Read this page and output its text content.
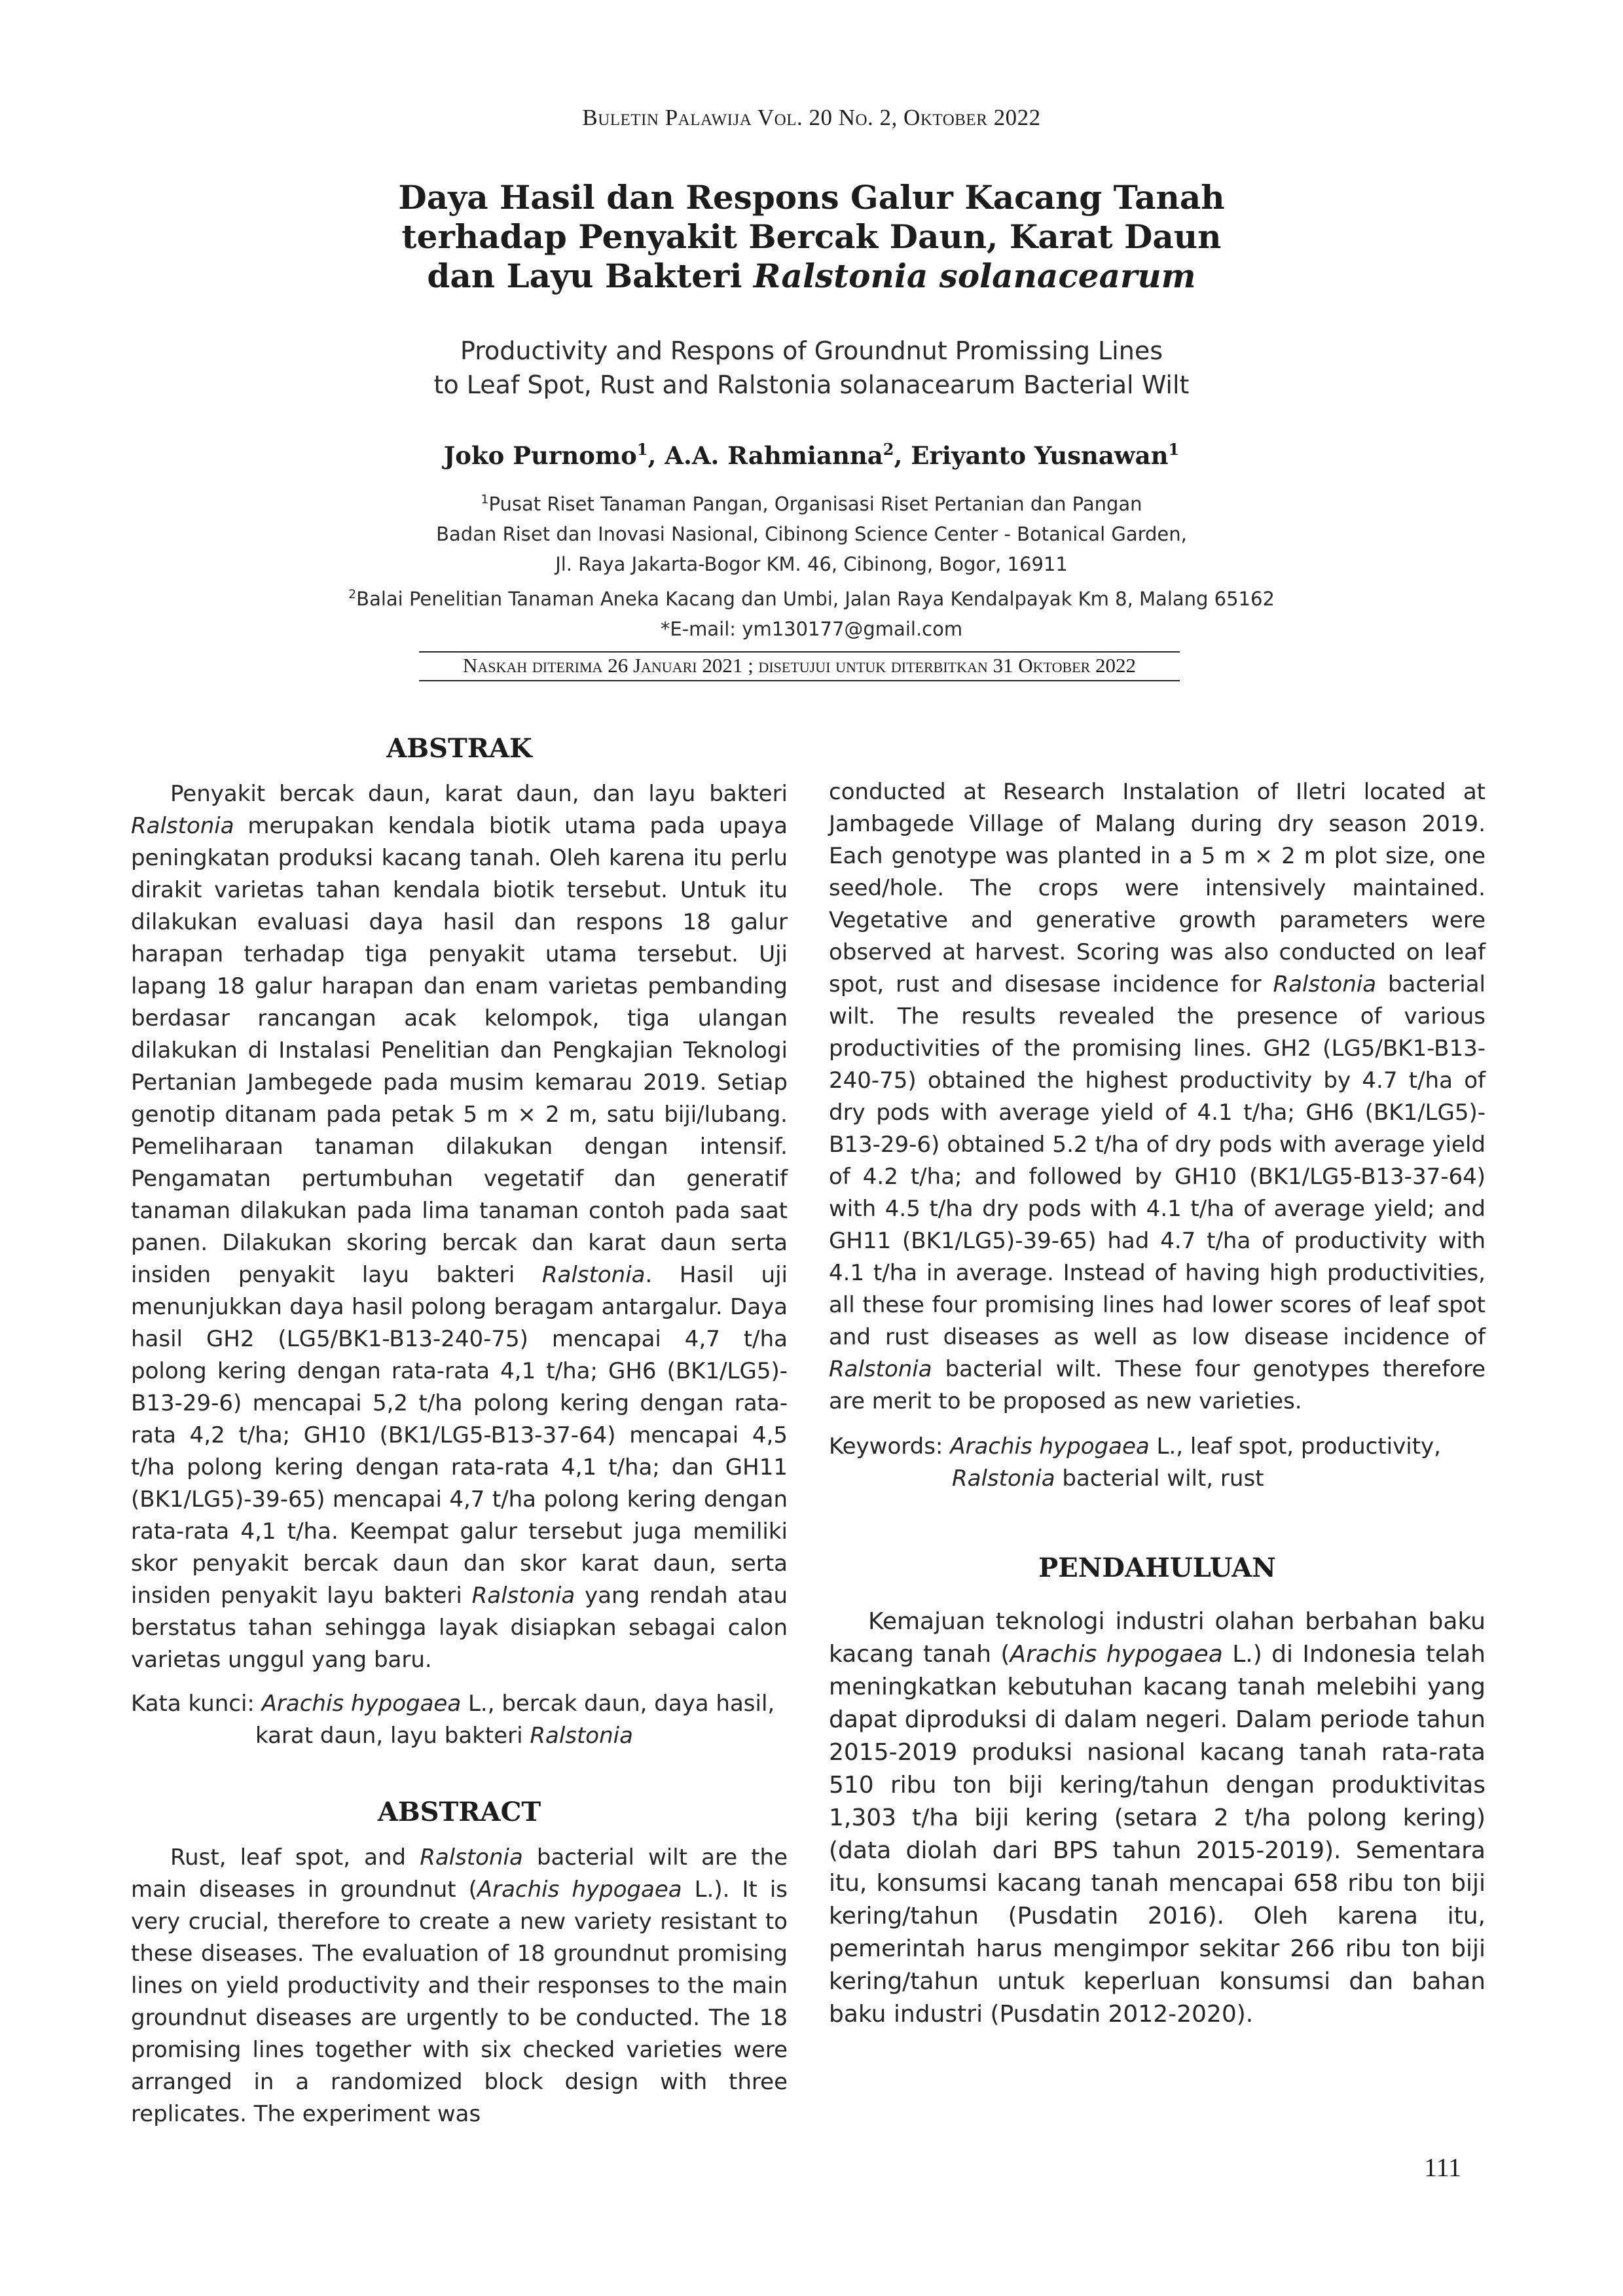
Buletin Palawija Vol. 20 No. 2, Oktober 2022
Daya Hasil dan Respons Galur Kacang Tanah
terhadap Penyakit Bercak Daun, Karat Daun
dan Layu Bakteri Ralstonia solanacearum
Productivity and Respons of Groundnut Promissing Lines
to Leaf Spot, Rust and Ralstonia solanacearum Bacterial Wilt
Joko Purnomo$^1$, A.A. Rahmianna$^2$, Eriyanto Yusnawan$^1$
$^1$Pusat Riset Tanaman Pangan, Organisasi Riset Pertanian dan Pangan
Badan Riset dan Inovasi Nasional, Cibinong Science Center - Botanical Garden,
Jl. Raya Jakarta-Bogor KM. 46, Cibinong, Bogor, 16911
$^2$Balai Penelitian Tanaman Aneka Kacang dan Umbi, Jalan Raya Kendalpayak Km 8, Malang 65162
*E-mail: ym130177@gmail.com
Naskah diterima 26 Januari 2021 ; disetujui untuk diterbitkan 31 Oktober 2022
ABSTRAK

Penyakit bercak daun, karat daun, dan layu bakteri Ralstonia merupakan kendala biotik utama pada upaya peningkatan produksi kacang tanah. Oleh karena itu perlu dirakit varietas tahan kendala biotik tersebut. Untuk itu dilakukan evaluasi daya hasil dan respons 18 galur harapan terhadap tiga penyakit utama tersebut. Uji lapang 18 galur harapan dan enam varietas pembanding berdasar rancangan acak kelompok, tiga ulangan dilakukan di Instalasi Penelitian dan Pengkajian Teknologi Pertanian Jambegede pada musim kemarau 2019. Setiap genotip ditanam pada petak 5 m × 2 m, satu biji/lubang. Pemeliharaan tanaman dilakukan dengan intensif. Pengamatan pertumbuhan vegetatif dan generatif tanaman dilakukan pada lima tanaman contoh pada saat panen. Dilakukan skoring bercak dan karat daun serta insiden penyakit layu bakteri Ralstonia. Hasil uji menunjukkan daya hasil polong beragam antargalur. Daya hasil GH2 (LG5/BK1-B13-240-75) mencapai 4,7 t/ha polong kering dengan rata-rata 4,1 t/ha; GH6 (BK1/LG5)-B13-29-6) mencapai 5,2 t/ha polong kering dengan rata-rata 4,2 t/ha; GH10 (BK1/LG5-B13-37-64) mencapai 4,5 t/ha polong kering dengan rata-rata 4,1 t/ha; dan GH11 (BK1/LG5)-39-65) mencapai 4,7 t/ha polong kering dengan rata-rata 4,1 t/ha. Keempat galur tersebut juga memiliki skor penyakit bercak daun dan skor karat daun, serta insiden penyakit layu bakteri Ralstonia yang rendah atau berstatus tahan sehingga layak disiapkan sebagai calon varietas unggul yang baru.

Kata kunci: Arachis hypogaea L., bercak daun, daya hasil, karat daun, layu bakteri Ralstonia

ABSTRACT

Rust, leaf spot, and Ralstonia bacterial wilt are the main diseases in groundnut (Arachis hypogaea L.). It is very crucial, therefore to create a new variety resistant to these diseases. The evaluation of 18 groundnut promising lines on yield productivity and their responses to the main groundnut diseases are urgently to be conducted. The 18 promising lines together with six checked varieties were arranged in a randomized block design with three replicates. The experiment was

conducted at Research Instalation of Iletri located at Jambagede Village of Malang during dry season 2019. Each genotype was planted in a 5 m × 2 m plot size, one seed/hole. The crops were intensively maintained. Vegetative and generative growth parameters were observed at harvest. Scoring was also conducted on leaf spot, rust and disesase incidence for Ralstonia bacterial wilt. The results revealed the presence of various productivities of the promising lines. GH2 (LG5/BK1-B13-240-75) obtained the highest productivity by 4.7 t/ha of dry pods with average yield of 4.1 t/ha; GH6 (BK1/LG5)- B13-29-6) obtained 5.2 t/ha of dry pods with average yield of 4.2 t/ha; and followed by GH10 (BK1/LG5-B13-37-64) with 4.5 t/ha dry pods with 4.1 t/ha of average yield; and GH11 (BK1/LG5)-39-65) had 4.7 t/ha of productivity with 4.1 t/ha in average. Instead of having high productivities, all these four promising lines had lower scores of leaf spot and rust diseases as well as low disease incidence of Ralstonia bacterial wilt. These four genotypes therefore are merit to be proposed as new varieties.

Keywords: Arachis hypogaea L., leaf spot, productivity, Ralstonia bacterial wilt, rust

PENDAHULUAN

Kemajuan teknologi industri olahan berbahan baku kacang tanah (Arachis hypogaea L.) di Indonesia telah meningkatkan kebutuhan kacang tanah melebihi yang dapat diproduksi di dalam negeri. Dalam periode tahun 2015-2019 produksi nasional kacang tanah rata-rata 510 ribu ton biji kering/tahun dengan produktivitas 1,303 t/ha biji kering (setara 2 t/ha polong kering) (data diolah dari BPS tahun 2015-2019). Sementara itu, konsumsi kacang tanah mencapai 658 ribu ton biji kering/tahun (Pusdatin 2016). Oleh karena itu, pemerintah harus mengimpor sekitar 266 ribu ton biji kering/tahun untuk keperluan konsumsi dan bahan baku industri (Pusdatin 2012-2020).

111
